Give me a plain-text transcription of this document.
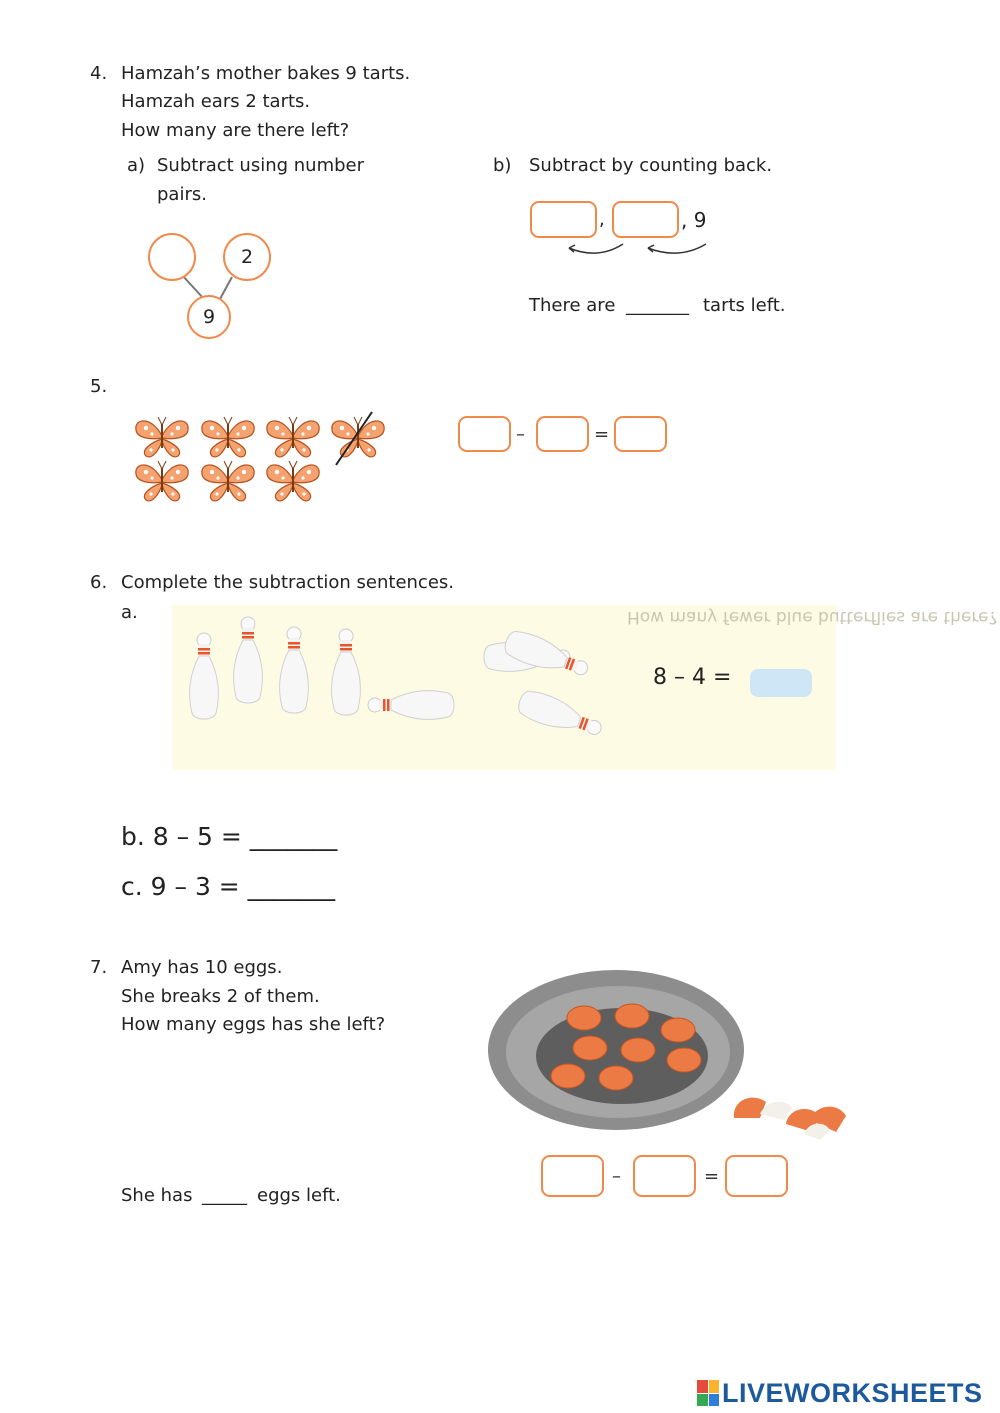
4. Hamzah’s mother bakes 9 tarts.
Hamzah ears 2 tarts.
How many are there left?
a) Subtract using number
pairs.
2
9
b) Subtract by counting back.
,	, 9
There are _______ tarts left.
5.
–	=
6. Complete the subtraction sentences.
a.	How many fewer blue butterflies are there?
8 – 4 =
b. 8 – 5 = _______
c. 9 – 3 = _______
7. Amy has 10 eggs.
She breaks 2 of them.
How many eggs has she left?
She has _____ eggs left.
–	=
LIVEWORKSHEETS
